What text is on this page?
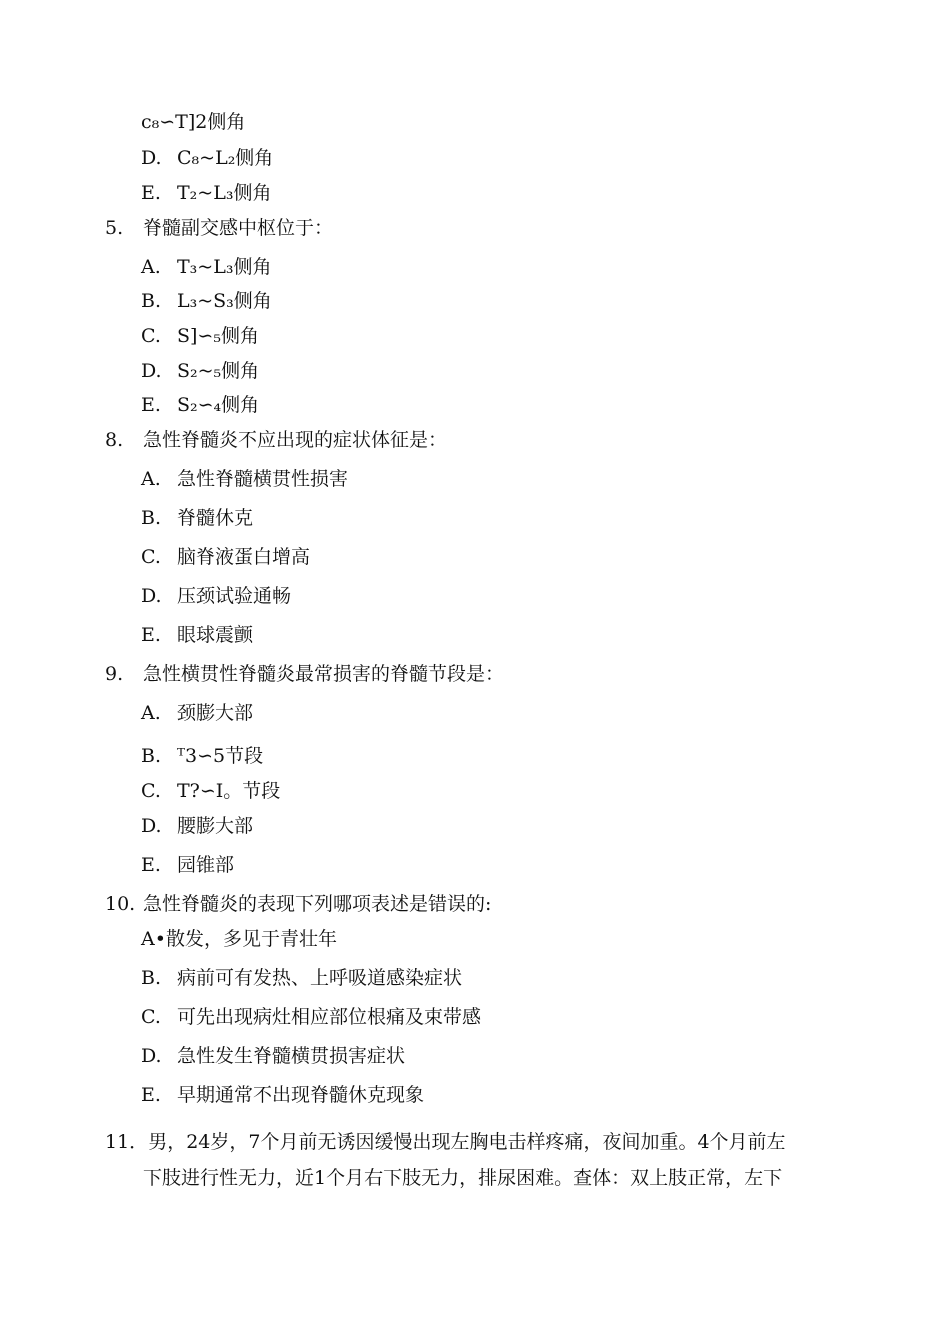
c₈∽T]2侧角
D. C₈~L₂侧角
E. T₂~L₃侧角
5. 脊髓副交感中枢位于：
A. T₃~L₃侧角
B. L₃~S₃侧角
C. S]∽₅侧角
D. S₂~₅侧角
E. S₂∽₄侧角
8. 急性脊髓炎不应出现的症状体征是：
A. 急性脊髓横贯性损害
B. 脊髓休克
C. 脑脊液蛋白增高
D. 压颈试验通畅
E. 眼球震颤
9. 急性横贯性脊髓炎最常损害的脊髓节段是：
A. 颈膨大部
B. ᵀ3∽5节段
C. T?∽I。节段
D. 腰膨大部
E. 园锥部
10. 急性脊髓炎的表现下列哪项表述是错误的:
A•散发，多见于青壮年
B. 病前可有发热、上呼吸道感染症状
C. 可先出现病灶相应部位根痛及束带感
D. 急性发生脊髓横贯损害症状
E. 早期通常不出现脊髓休克现象
11．男，24岁，7个月前无诱因缓慢出现左胸电击样疼痛，夜间加重。4个月前左
下肢进行性无力，近1个月右下肢无力，排尿困难。查体：双上肢正常，左下
